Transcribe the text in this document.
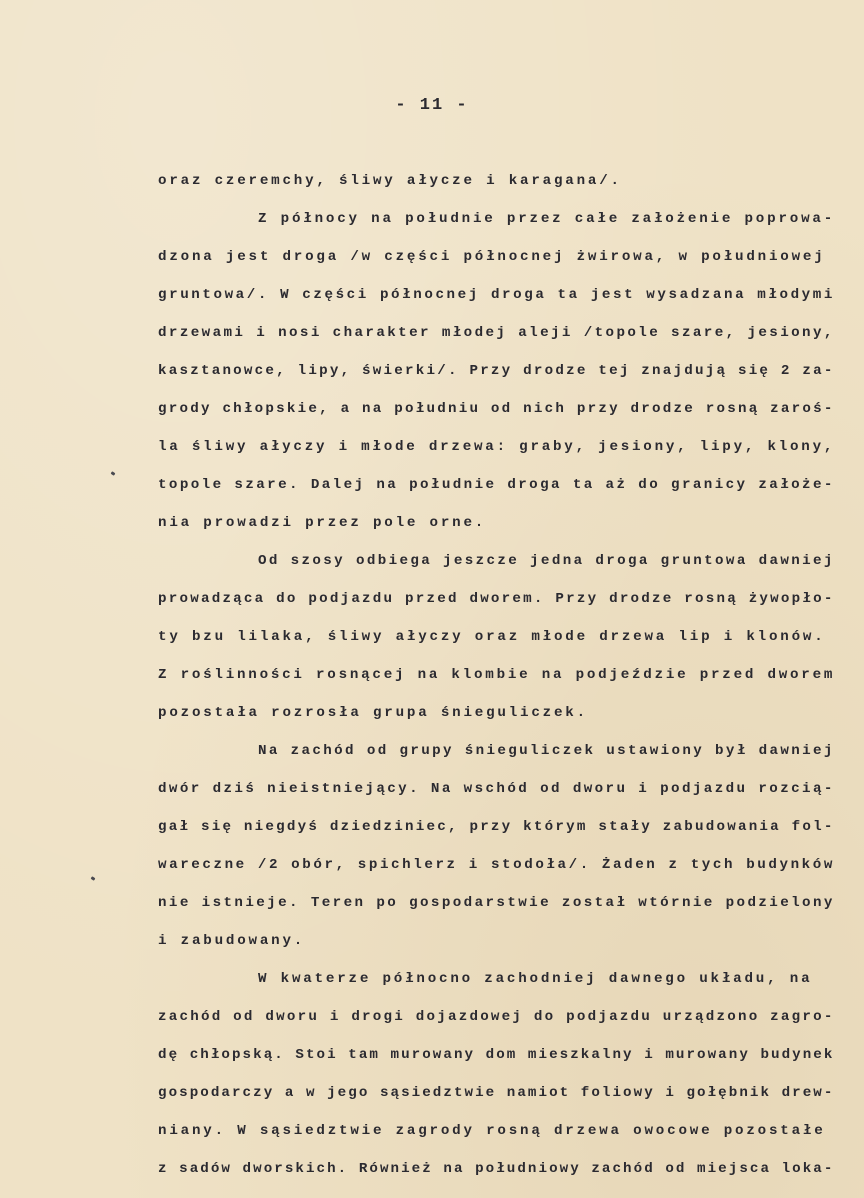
- 11 -
oraz czeremchy, śliwy ałycze i karagana/.
Z północy na południe przez całe założenie poprowa-
dzona jest droga /w części północnej żwirowa, w południowej
gruntowa/. W części północnej droga ta jest wysadzana młodymi
drzewami i nosi charakter młodej aleji /topole szare, jesiony,
kasztanowce, lipy, świerki/. Przy drodze tej znajdują się 2 za-
grody chłopskie, a na południu od nich przy drodze rosną zaroś-
la śliwy ałyczy i młode drzewa: graby, jesiony, lipy, klony,
topole szare. Dalej na południe droga ta aż do granicy założe-
nia prowadzi przez pole orne.
Od szosy odbiega jeszcze jedna droga gruntowa dawniej
prowadząca do podjazdu przed dworem. Przy drodze rosną żywopło-
ty bzu lilaka, śliwy ałyczy oraz młode drzewa lip i klonów.
Z roślinności rosnącej na klombie na podjeździe przed dworem
pozostała rozrosła grupa śnieguliczek.
Na zachód od grupy śnieguliczek ustawiony był dawniej
dwór dziś nieistniejący. Na wschód od dworu i podjazdu rozcią-
gał się niegdyś dziedziniec, przy którym stały zabudowania fol-
wareczne /2 obór, spichlerz i stodoła/. Żaden z tych budynków
nie istnieje. Teren po gospodarstwie został wtórnie podzielony
i zabudowany.
W kwaterze północno zachodniej dawnego układu, na
zachód od dworu i drogi dojazdowej do podjazdu urządzono zagro-
dę chłopską. Stoi tam murowany dom mieszkalny i murowany budynek
gospodarczy a w jego sąsiedztwie namiot foliowy i gołębnik drew-
niany. W sąsiedztwie zagrody rosną drzewa owocowe pozostałe
z sadów dworskich. Również na południowy zachód od miejsca loka-
